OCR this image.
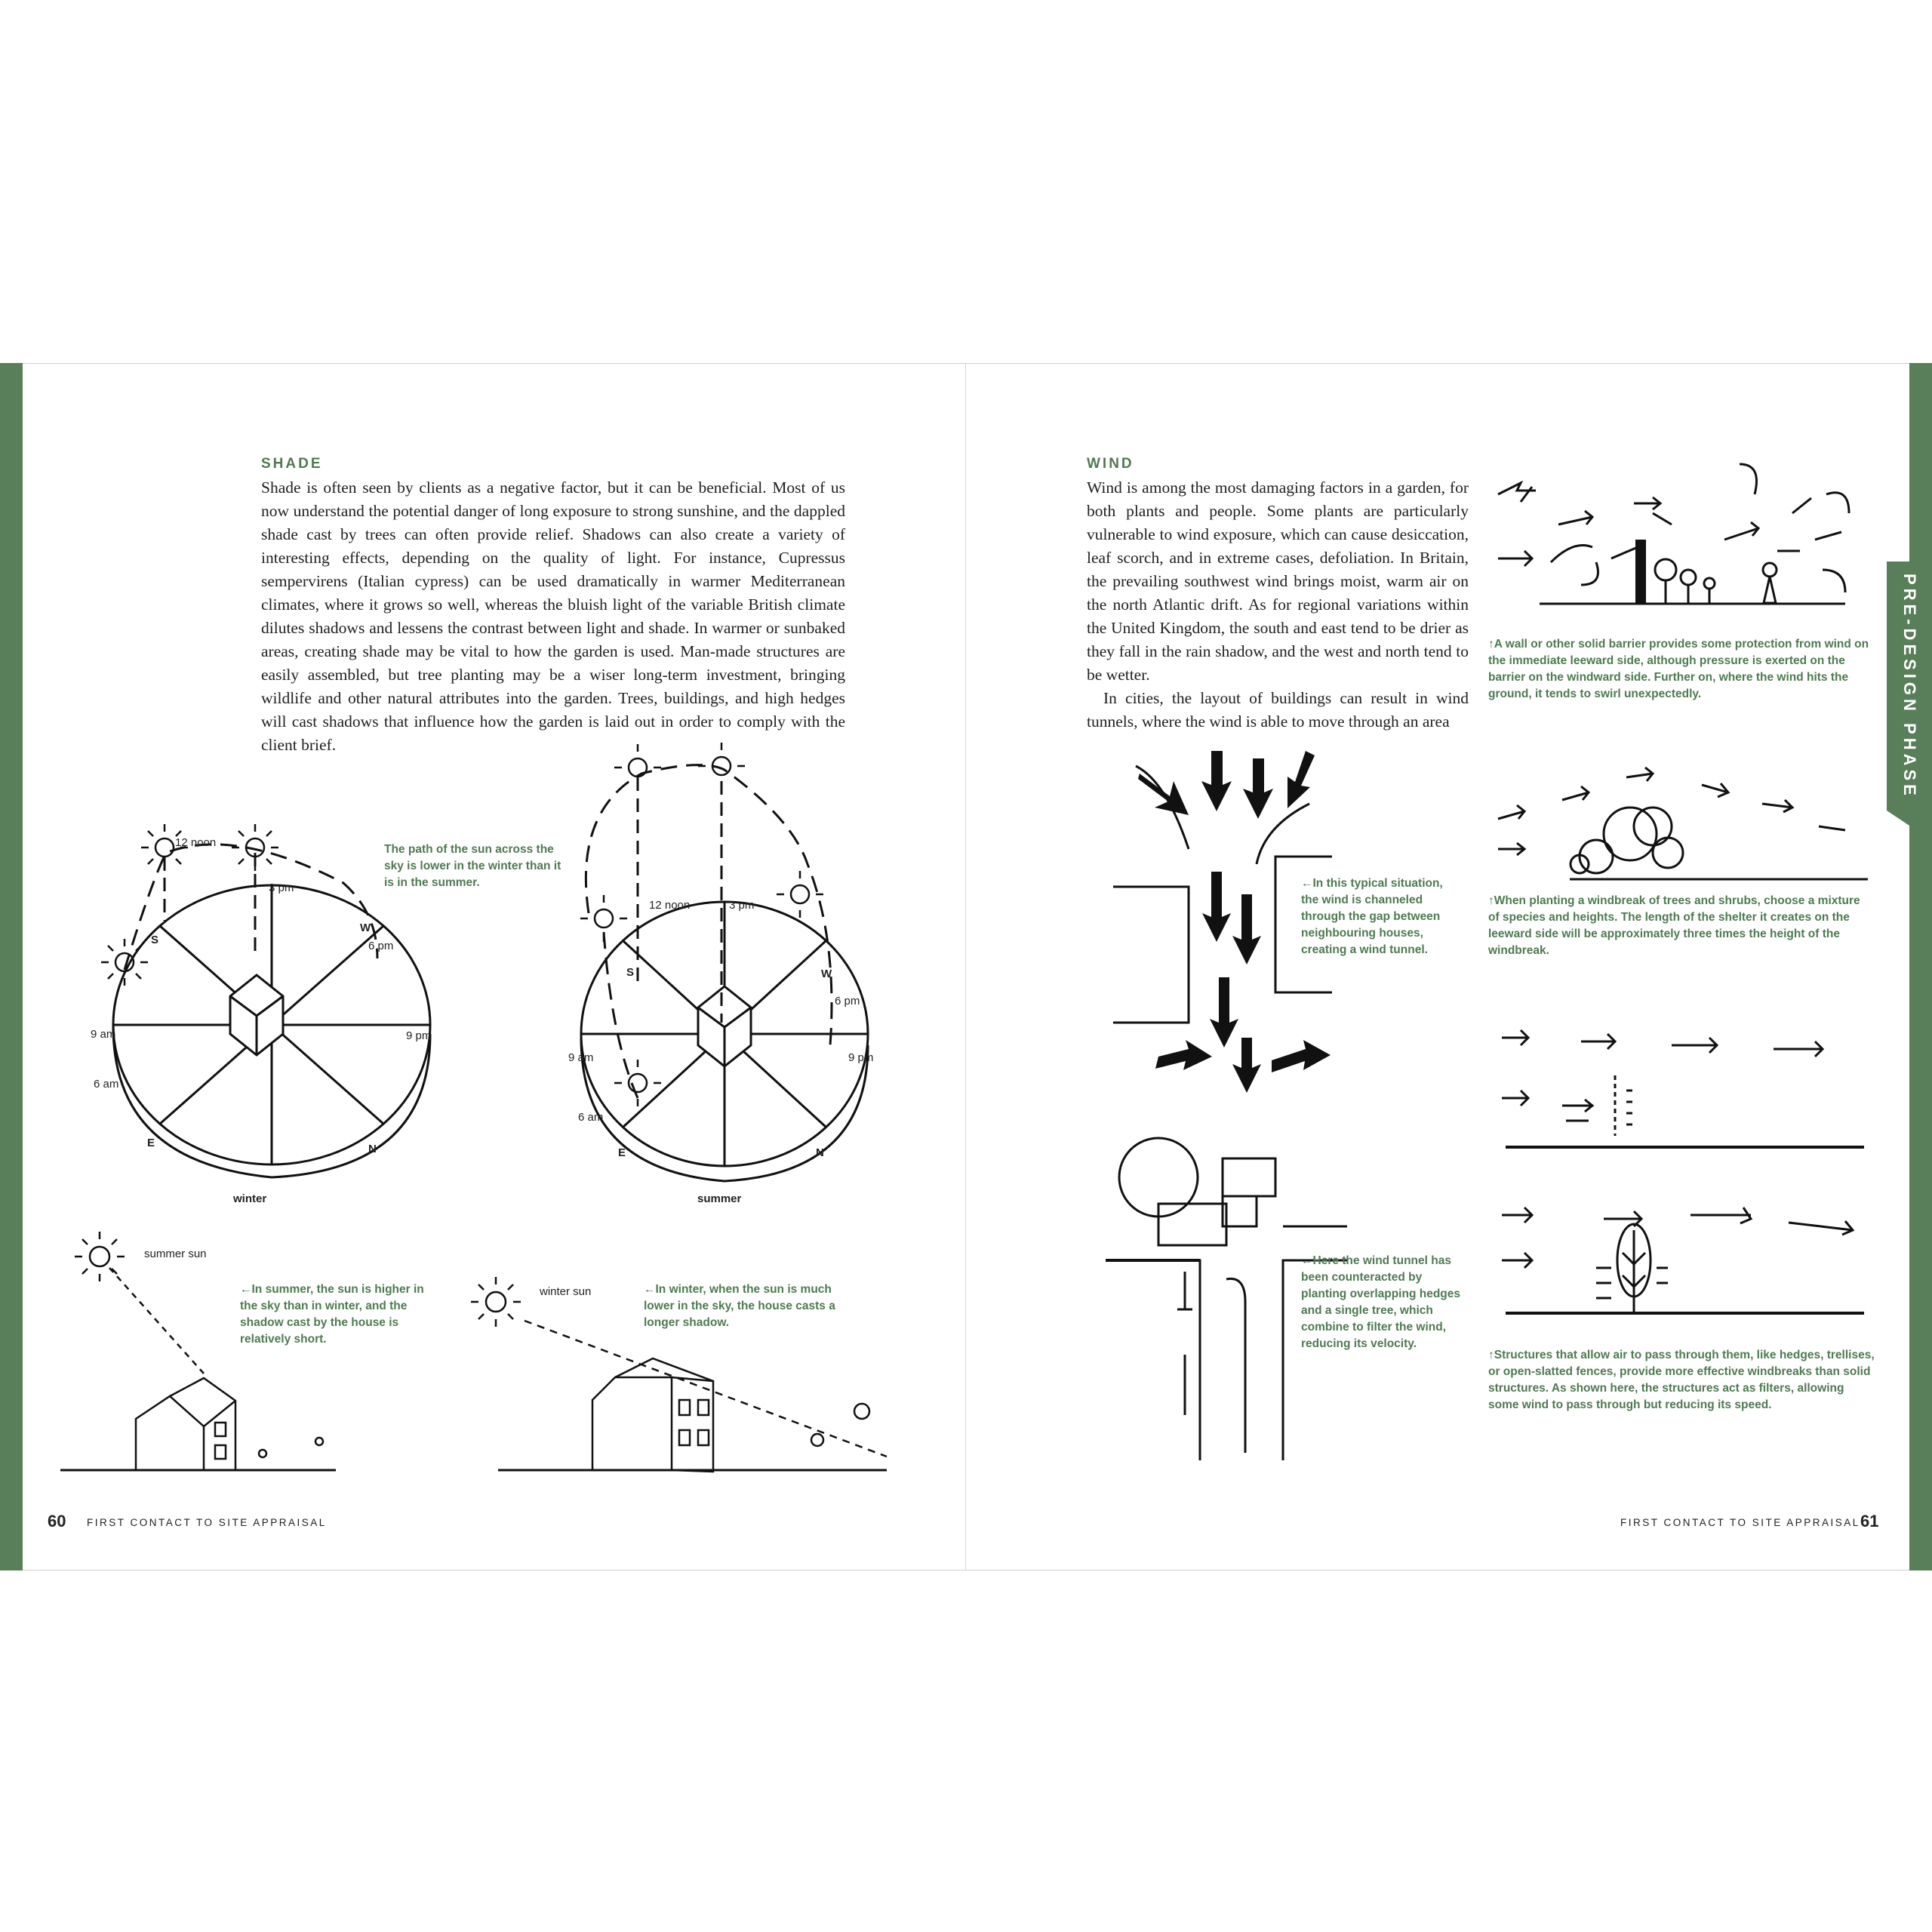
PRE-DESIGN PHASE
SHADE

Shade is often seen by clients as a negative factor, but it can be beneficial. Most of us now understand the potential danger of long exposure to strong sunshine, and the dappled shade cast by trees can often provide relief. Shadows can also create a variety of interesting effects, depending on the quality of light. For instance, Cupressus sempervirens (Italian cypress) can be used dramatically in warmer Mediterranean climates, where it grows so well, whereas the bluish light of the variable British climate dilutes shadows and lessens the contrast between light and shade. In warmer or sunbaked areas, creating shade may be vital to how the garden is used. Man-made structures are easily assembled, but tree planting may be a wiser long-term investment, bringing wildlife and other natural attributes into the garden. Trees, buildings, and high hedges will cast shadows that influence how the garden is laid out in order to comply with the client brief.

The path of the sun across the sky is lower in the winter than it is in the summer.
12 noon
3 pm
S
W
6 pm
9 am	9 pm
6 am
E	N
winter
12 noon	3 pm
S	W
6 pm
9 am	9 pm
6 am
E	N
summer
summer sun
←In summer, the sun is higher in the sky than in winter, and the shadow cast by the house is relatively short.
winter sun	←In winter, when the sun is much lower in the sky, the house casts a longer shadow.
60 FIRST CONTACT TO SITE APPRAISAL
WIND

Wind is among the most damaging factors in a garden, for both plants and people. Some plants are particularly vulnerable to wind exposure, which can cause desiccation, leaf scorch, and in extreme cases, defoliation. In Britain, the prevailing southwest wind brings moist, warm air on the north Atlantic drift. As for regional variations within the United Kingdom, the south and east tend to be drier as they fall in the rain shadow, and the west and north tend to be wetter.

In cities, the layout of buildings can result in wind tunnels, where the wind is able to move through an area

↑A wall or other solid barrier provides some protection from wind on the immediate leeward side, although pressure is exerted on the barrier on the windward side. Further on, where the wind hits the ground, it tends to swirl unexpectedly.
←In this typical situation, the wind is channeled through the gap between neighbouring houses, creating a wind tunnel.
↑When planting a windbreak of trees and shrubs, choose a mixture of species and heights. The length of the shelter it creates on the leeward side will be approximately three times the height of the windbreak.
←Here the wind tunnel has been counteracted by planting overlapping hedges and a single tree, which combine to filter the wind, reducing its velocity.
↑Structures that allow air to pass through them, like hedges, trellises, or open-slatted fences, provide more effective windbreaks than solid structures. As shown here, the structures act as filters, allowing some wind to pass through but reducing its speed.
FIRST CONTACT TO SITE APPRAISAL 61
